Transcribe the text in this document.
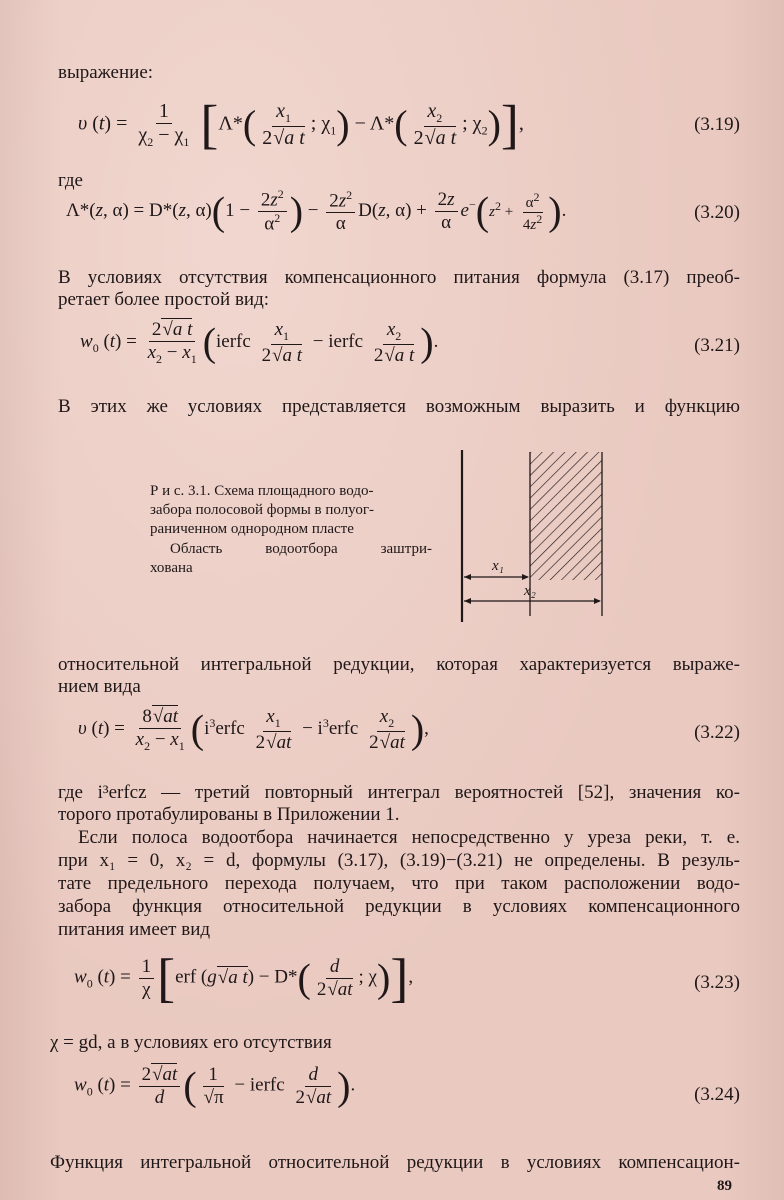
выражение:
υ $(t) = \frac{1}{\chi_2 - \chi_1} [\Lambda*( \frac{x_1}{\text{2√a t}}$ ; $\chi_1) - \Lambda*( \frac{x_2}{\text{2√a t}}$ ; $\chi_2$)],	(3.19)
где
Λ*(z, α) = D*(z, $\alpha)(1 - \frac{2z^2}{\alpha^2}$ ) − $\frac{2z^2}{\alpha} D(z$, $\alpha) + \frac{2z}{\alpha} e^-(z^2 + \frac{\alpha^2}{4z^2}$ ).	(3.20)
В условиях отсутствия компенсационного питания формула (3.17) преоб-
ретает более простой вид:
$w_0$ $(t) = \frac{\text{2√a t}}{x_2 - x_1}$ (ierfc $\frac{x_1}{\text{2√a t}}$ − ierfc $\frac{x_2}{\text{2√a t}}$ ).	(3.21)
В этих же условиях представляется возможным выразить и функцию
Р и с. 3.1. Схема площадного водо-
забора полосовой формы в полуог-
раниченном однородном пласте
Область водоотбора заштри-
хована	x₁
x₂
относительной интегральной редукции, которая характеризуется выраже-
нием вида
υ $(t) = \frac{8√at}{x_2 - x_1}$ ($i^3erfc \frac{x_1}{2√at}$ − $i^3erfc \frac{x_2}{2√at}$ ),	(3.22)
где i³erfcz — третий повторный интеграл вероятностей [52], значения ко-
торого протабулированы в Приложении 1.
Если полоса водоотбора начинается непосредственно у уреза реки, т. е.
при x₁ = 0, x₂ = d, формулы (3.17), (3.19)−(3.21) не определены. В резуль-
тате предельного перехода получаем, что при таком расположении водо-
забора функция относительной редукции в условиях компенсационного
питания имеет вид
$w_0$ $(t) = \frac{1}{\chi} [erf$ (g√a $t) - D*( \frac{d}{2√at}$ ; χ)],	(3.23)
χ = gd, а в условиях его отсутствия
$w_0$ $(t) = \frac{2√at}{d}$ ( $\frac{1}{√\pi}$ − ierfc $\frac{d}{2√at}$ ).	(3.24)
Функция интегральной относительной редукции в условиях компенсацион-
89
